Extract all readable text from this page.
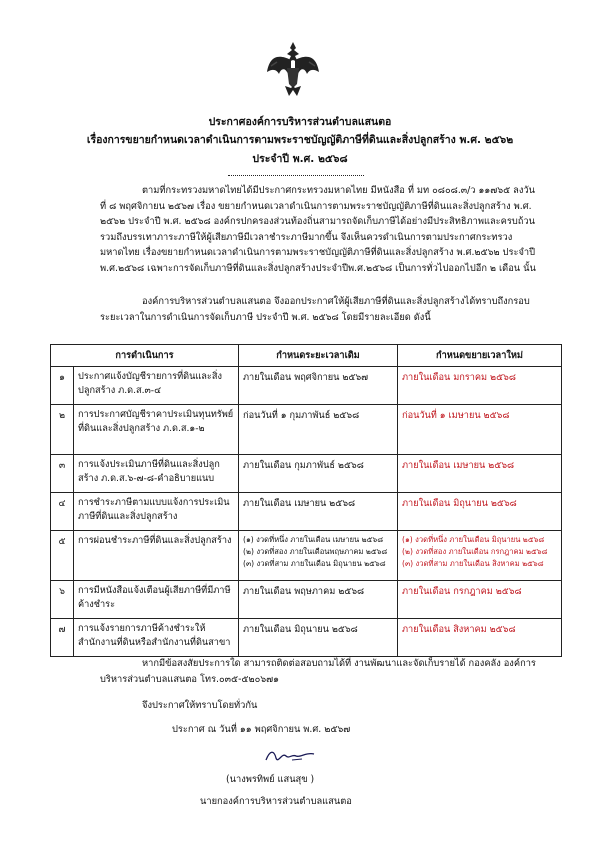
ประกาศองค์การบริหารส่วนตำบลแสนตอ
เรื่องการขยายกำหนดเวลาดำเนินการตามพระราชบัญญัติภาษีที่ดินและสิ่งปลูกสร้าง พ.ศ. ๒๕๖๒
ประจำปี พ.ศ. ๒๕๖๘

ตามที่กระทรวงมหาดไทยได้มีประกาศกระทรวงมหาดไทย มีหนังสือ ที่ มท ๐๘๐๘.๓/ว ๑๑๗๖๕ ลงวันที่ ๘ พฤศจิกายน ๒๕๖๗ เรื่อง ขยายกำหนดเวลาดำเนินการตามพระราชบัญญัติภาษีที่ดินและสิ่งปลูกสร้าง พ.ศ. ๒๕๖๒ ประจำปี พ.ศ. ๒๕๖๘ องค์กรปกครองส่วนท้องถิ่นสามารถจัดเก็บภาษีได้อย่างมีประสิทธิภาพและครบถ้วน รวมถึงบรรเทาภาระภาษีให้ผู้เสียภาษีมีเวลาชำระภาษีมากขึ้น จึงเห็นควรดำเนินการตามประกาศกระทรวงมหาดไทย เรื่องขยายกำหนดเวลาดำเนินการตามพระราชบัญญัติภาษีที่ดินและสิ่งปลูกสร้าง พ.ศ.๒๕๖๒ ประจำปี พ.ศ.๒๕๖๘ เฉพาะการจัดเก็บภาษีที่ดินและสิ่งปลูกสร้างประจำปีพ.ศ.๒๕๖๘ เป็นการทั่วไปออกไปอีก ๒ เดือน นั้น

องค์การบริหารส่วนตำบลแสนตอ จึงออกประกาศให้ผู้เสียภาษีที่ดินและสิ่งปลูกสร้างได้ทราบถึงกรอบระยะเวลาในการดำเนินการจัดเก็บภาษี ประจำปี พ.ศ. ๒๕๖๘ โดยมีรายละเอียด ดังนี้

การดำเนินการ		กำหนดระยะเวลาเดิม	กำหนดขยายเวลาใหม่
๑	ประกาศแจ้งบัญชีรายการที่ดินและสิ่งปลูกสร้าง ภ.ด.ส.๓-๔	ภายในเดือน พฤศจิกายน ๒๕๖๗	ภายในเดือน มกราคม ๒๕๖๘
๒	การประกาศบัญชีราคาประเมินทุนทรัพย์ที่ดินและสิ่งปลูกสร้าง ภ.ด.ส.๑-๒	ก่อนวันที่ ๑ กุมภาพันธ์ ๒๕๖๘	ก่อนวันที่ ๑ เมษายน ๒๕๖๘
๓	การแจ้งประเมินภาษีที่ดินและสิ่งปลูกสร้าง ภ.ด.ส.๖-๗-๘-คำอธิบายแนบ	ภายในเดือน กุมภาพันธ์ ๒๕๖๘	ภายในเดือน เมษายน ๒๕๖๘
๔	การชำระภาษีตามแบบแจ้งการประเมินภาษีที่ดินและสิ่งปลูกสร้าง	ภายในเดือน เมษายน ๒๕๖๘	ภายในเดือน มิถุนายน ๒๕๖๘
๕	การผ่อนชำระภาษีที่ดินและสิ่งปลูกสร้าง	(๑) งวดที่หนึ่ง ภายในเดือน เมษายน ๒๕๖๘
(๒) งวดที่สอง ภายในเดือนพฤษภาคม ๒๕๖๘
(๓) งวดที่สาม ภายในเดือน มิถุนายน ๒๕๖๘	(๑) งวดที่หนึ่ง ภายในเดือน มิถุนายน ๒๕๖๘
(๒) งวดที่สอง ภายในเดือน กรกฎาคม ๒๕๖๘
(๓) งวดที่สาม ภายในเดือน สิงหาคม ๒๕๖๘

๖	การมีหนังสือแจ้งเตือนผู้เสียภาษีที่มีภาษีค้างชำระ	ภายในเดือน พฤษภาคม ๒๕๖๘	ภายในเดือน กรกฎาคม ๒๕๖๘
๗	การแจ้งรายการภาษีค้างชำระให้สำนักงานที่ดินหรือสำนักงานที่ดินสาขา	ภายในเดือน มิถุนายน ๒๕๖๘	ภายในเดือน สิงหาคม ๒๕๖๘
หากมีข้อสงสัยประการใด สามารถติดต่อสอบถามได้ที่ งานพัฒนาและจัดเก็บรายได้ กองคลัง องค์การบริหารส่วนตำบลแสนตอ โทร.๐๓๕-๕๒๐๖๗๑
จึงประกาศให้ทราบโดยทั่วกัน
ประกาศ ณ วันที่ ๑๑ พฤศจิกายน พ.ศ. ๒๕๖๗
(นางพรทิพย์ แสนสุข )
นายกองค์การบริหารส่วนตำบลแสนตอ
